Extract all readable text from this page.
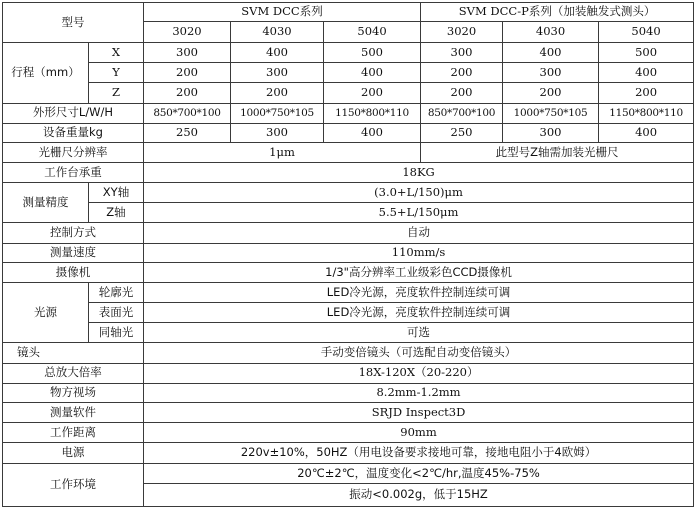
型号		SVM DCC系列			SVM DCC-P系列（加装触发式测头）		
		3020	4030	5040	3020	4030	5040
行程（mm）	X	300	400	500	300	400	500
	Y	200	300	400	200	300	400
	Z	200	200	200	200	200	200
外形尺寸L/W/H		850*700*100	1000*750*105	1150*800*110	850*700*100	1000*750*105	1150*800*110
设备重量kg		250	300	400	250	300	400
光栅尺分辨率		1μm			此型号Z轴需加装光栅尺		
工作台承重		18KG					
测量精度	XY轴	(3.0+L/150)μm					
	Z轴	5.5+L/150μm					
控制方式		自动					
测量速度		110mm/s					
摄像机		1/3"高分辨率工业级彩色CCD摄像机					
光源	轮廓光	LED冷光源，亮度软件控制连续可调					
	表面光	LED冷光源，亮度软件控制连续可调					
	同轴光	可选					
镜头		手动变倍镜头（可选配自动变倍镜头）					
总放大倍率		18X-120X（20-220）					
物方视场		8.2mm-1.2mm					
测量软件		SRJD Inspect3D					
工作距离		90mm					
电源		220v±10%，50HZ（用电设备要求接地可靠，接地电阻小于4欧姆）					
工作环境		20℃±2℃，温度变化<2℃/hr,温度45%-75%					
		振动<0.002g，低于15HZ					
